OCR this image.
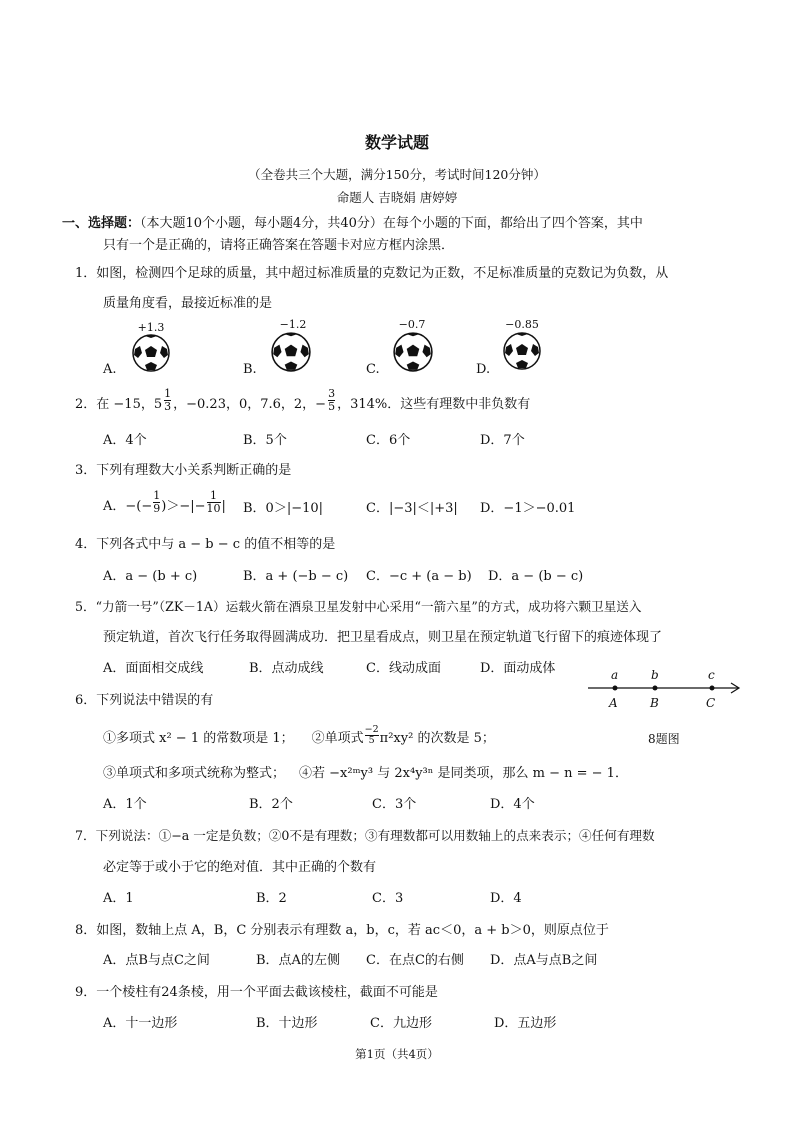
数学试题
（全卷共三个大题，满分150分，考试时间120分钟）
命题人 吉晓娟 唐婷婷
一、选择题：（本大题10个小题，每小题4分，共40分）在每个小题的下面，都给出了四个答案，其中
只有一个是正确的，请将正确答案在答题卡对应方框内涂黑．
1．如图，检测四个足球的质量，其中超过标准质量的克数记为正数，不足标准质量的克数记为负数，从
质量角度看，最接近标准的是
A.
+1.3
B.
−1.2
C.
−0.7
D.
−0.85
2．在 −15，$5 \frac{1}{3}$ ，−0.23，0，7.6，2，− $\frac{3}{5}$ ，314%．这些有理数中非负数有
A．4个	B．5个	C．6个	D．7个
3．下列有理数大小关系判断正确的是
A．−(− $\frac{1}{9}$ )＞−|− $\frac{1}{10}$ | B．0＞|−10|	C．|−3|＜|+3| D．−1＞−0.01
4．下列各式中与 a − b − c 的值不相等的是
A．a − (b + c)	B．a + (−b − c) C．−c + (a − b) D．a − (b − c)
5．“力箭一号”（ZK－1A）运载火箭在酒泉卫星发射中心采用“一箭六星”的方式，成功将六颗卫星送入
预定轨道，首次飞行任务取得圆满成功．把卫星看成点，则卫星在预定轨道飞行留下的痕迹体现了
A．面面相交成线	B．点动成线	C．线动成面	D．面动成体
6．下列说法中错误的有
①多项式 x² − 1 的常数项是 1； ②单项式 $\frac{-2}{5} \pi^2xy^2$ 的次数是 5；
③单项式和多项式统称为整式； ④若 −x²ᵐy³ 与 2x⁴y³ⁿ 是同类项，那么 m − n = − 1．
A．1个	B．2个	C．3个	D．4个
a	b	c
A	B	C
8题图
7．下列说法：①−a 一定是负数；②0不是有理数；③有理数都可以用数轴上的点来表示；④任何有理数
必定等于或小于它的绝对值．其中正确的个数有
A．1	B．2	C．3	D．4
8．如图，数轴上点 A，B，C 分别表示有理数 a，b，c，若 ac＜0，a + b＞0，则原点位于
A．点B与点C之间	B．点A的左侧 C．在点C的右侧 D．点A与点B之间
9．一个棱柱有24条棱，用一个平面去截该棱柱，截面不可能是
A．十一边形	B．十边形	C．九边形	D．五边形
第1页（共4页）
